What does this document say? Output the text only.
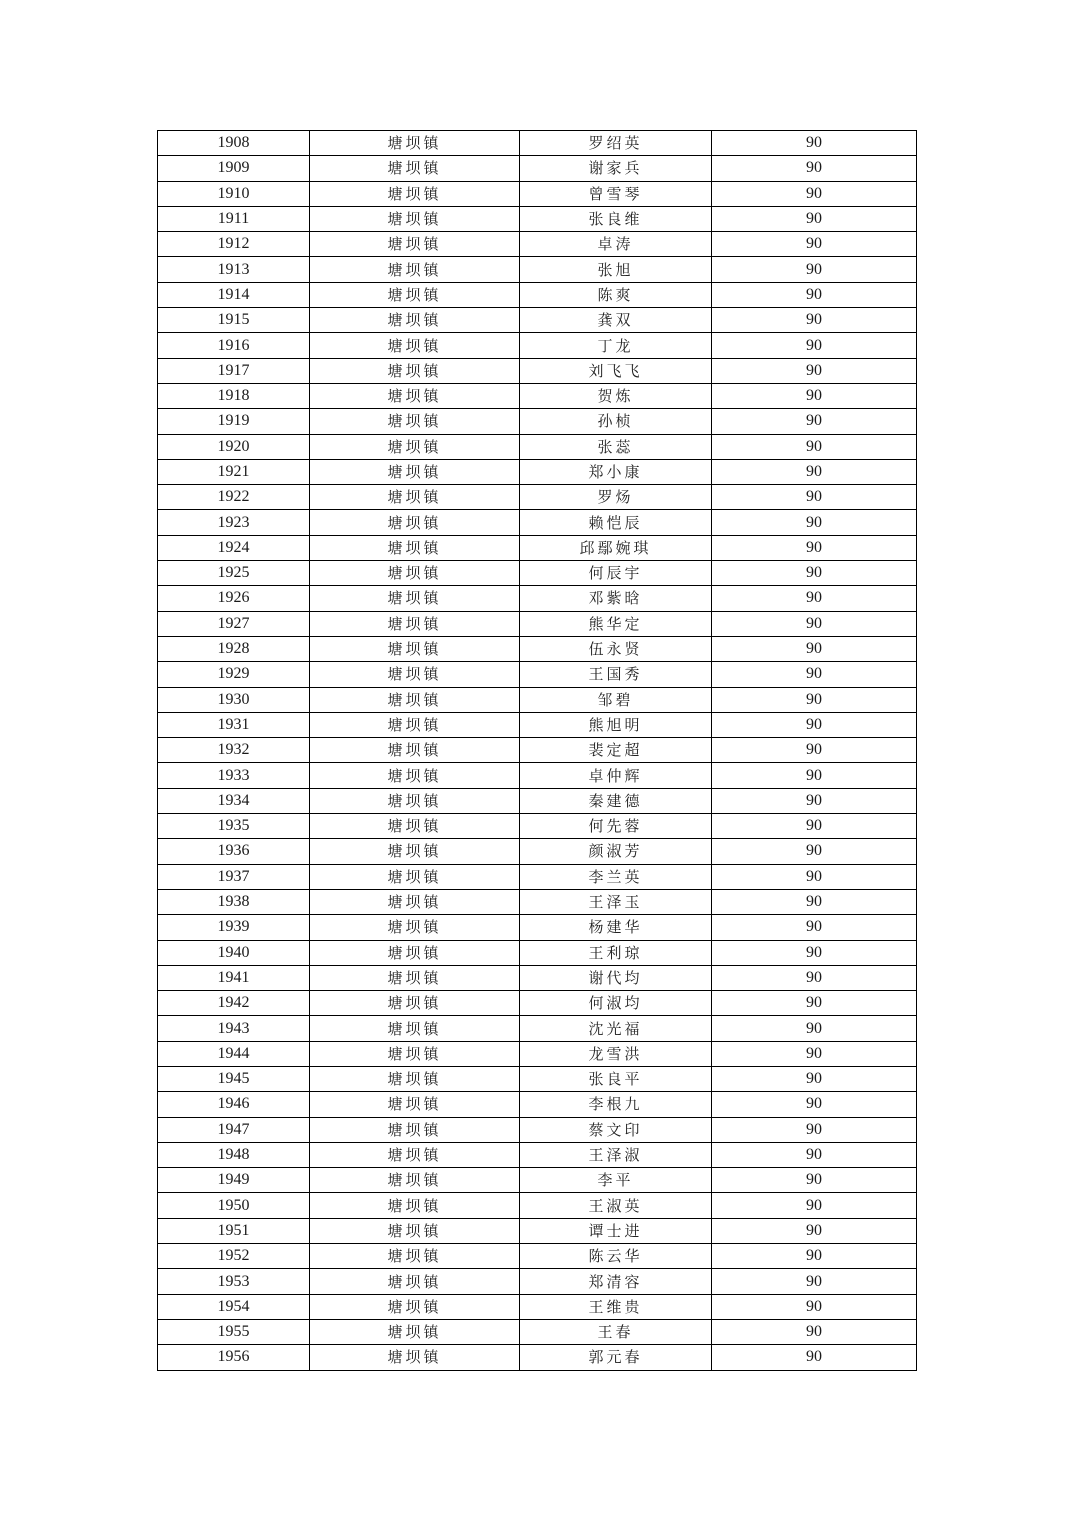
1908	塘坝镇	罗绍英	90
1909	塘坝镇	谢家兵	90
1910	塘坝镇	曾雪琴	90
1911	塘坝镇	张良维	90
1912	塘坝镇	卓涛	90
1913	塘坝镇	张旭	90
1914	塘坝镇	陈爽	90
1915	塘坝镇	龚双	90
1916	塘坝镇	丁龙	90
1917	塘坝镇	刘飞飞	90
1918	塘坝镇	贺炼	90
1919	塘坝镇	孙桢	90
1920	塘坝镇	张蕊	90
1921	塘坝镇	郑小康	90
1922	塘坝镇	罗炀	90
1923	塘坝镇	赖恺辰	90
1924	塘坝镇	邱鄢婉琪	90
1925	塘坝镇	何辰宇	90
1926	塘坝镇	邓紫晗	90
1927	塘坝镇	熊华定	90
1928	塘坝镇	伍永贤	90
1929	塘坝镇	王国秀	90
1930	塘坝镇	邹碧	90
1931	塘坝镇	熊旭明	90
1932	塘坝镇	裴定超	90
1933	塘坝镇	卓仲辉	90
1934	塘坝镇	秦建德	90
1935	塘坝镇	何先蓉	90
1936	塘坝镇	颜淑芳	90
1937	塘坝镇	李兰英	90
1938	塘坝镇	王泽玉	90
1939	塘坝镇	杨建华	90
1940	塘坝镇	王利琼	90
1941	塘坝镇	谢代均	90
1942	塘坝镇	何淑均	90
1943	塘坝镇	沈光福	90
1944	塘坝镇	龙雪洪	90
1945	塘坝镇	张良平	90
1946	塘坝镇	李根九	90
1947	塘坝镇	蔡文印	90
1948	塘坝镇	王泽淑	90
1949	塘坝镇	李平	90
1950	塘坝镇	王淑英	90
1951	塘坝镇	谭士进	90
1952	塘坝镇	陈云华	90
1953	塘坝镇	郑清容	90
1954	塘坝镇	王维贵	90
1955	塘坝镇	王春	90
1956	塘坝镇	郭元春	90
